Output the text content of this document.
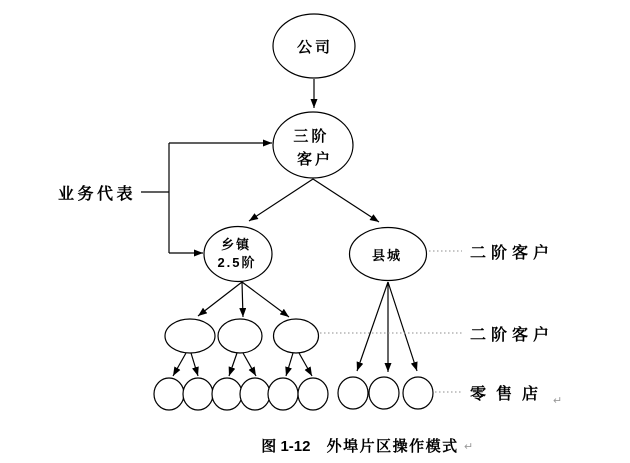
公司
三阶 客户
乡镇 2.5阶	县城
业务代表
二阶客户
二阶客户
零售店 ↵
图 1-12 外埠片区操作模式 ↵
